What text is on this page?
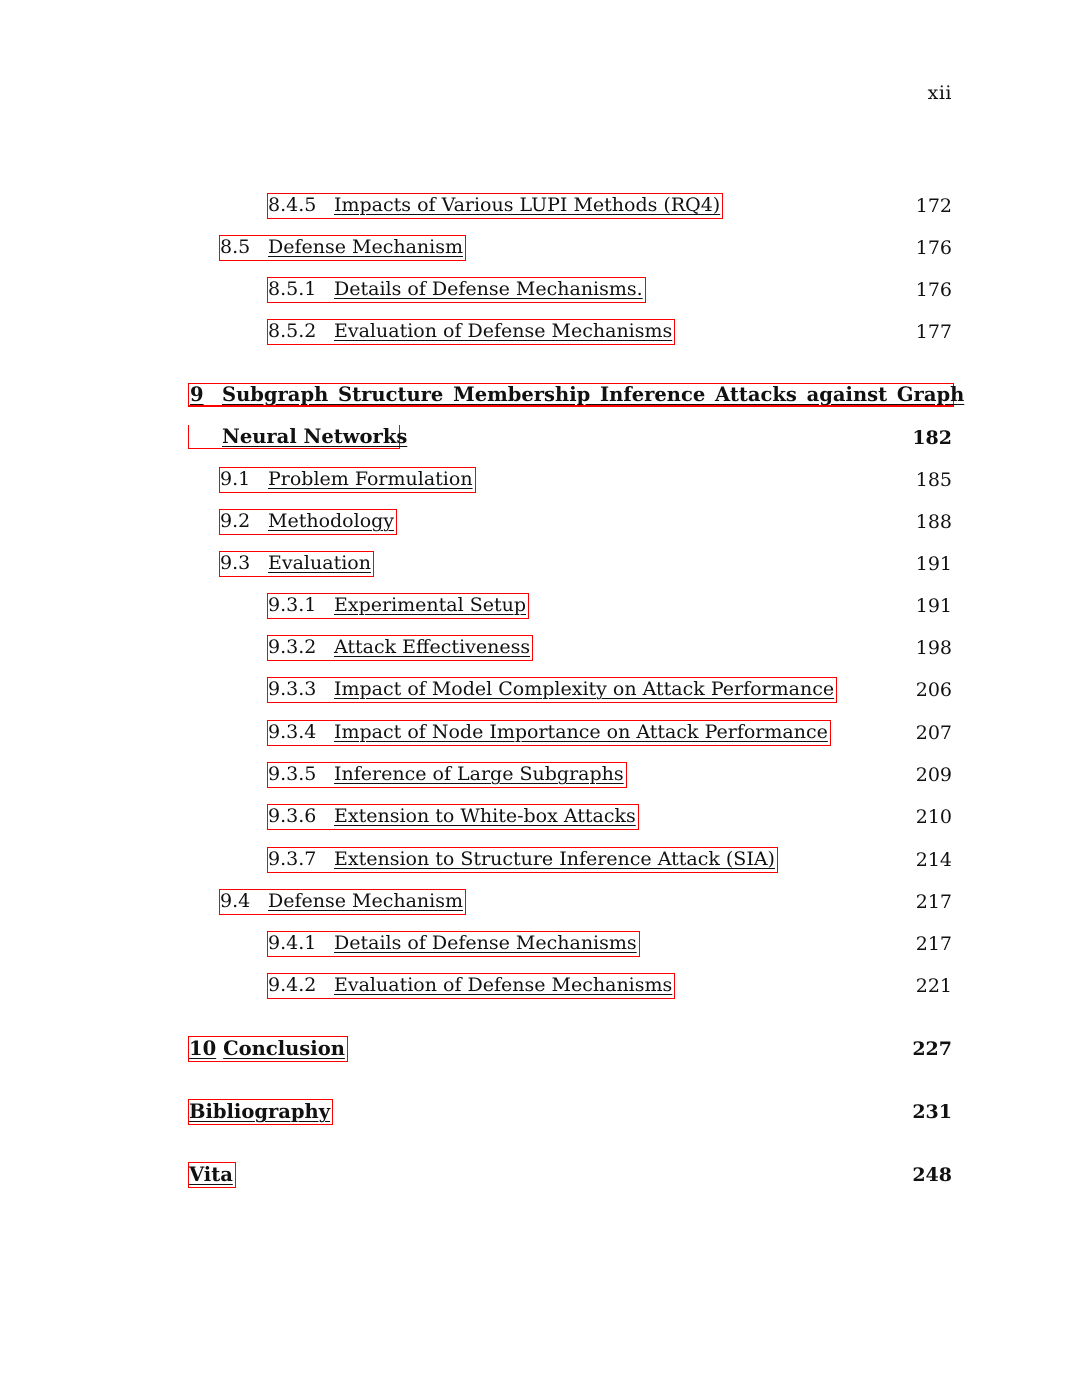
xii
8.4.5 Impacts of Various LUPI Methods (RQ4)	172
8.5 Defense Mechanism	176
8.5.1 Details of Defense Mechanisms.	176
8.5.2 Evaluation of Defense Mechanisms	177
9 Subgraph Structure Membership Inference Attacks against Graph
Neural Networks	182
9.1 Problem Formulation	185
9.2 Methodology	188
9.3 Evaluation	191
9.3.1 Experimental Setup	191
9.3.2 Attack Effectiveness	198
9.3.3 Impact of Model Complexity on Attack Performance	206
9.3.4 Impact of Node Importance on Attack Performance	207
9.3.5 Inference of Large Subgraphs	209
9.3.6 Extension to White-box Attacks	210
9.3.7 Extension to Structure Inference Attack (SIA)	214
9.4 Defense Mechanism	217
9.4.1 Details of Defense Mechanisms	217
9.4.2 Evaluation of Defense Mechanisms	221
10 Conclusion	227
Bibliography	231
Vita	248
